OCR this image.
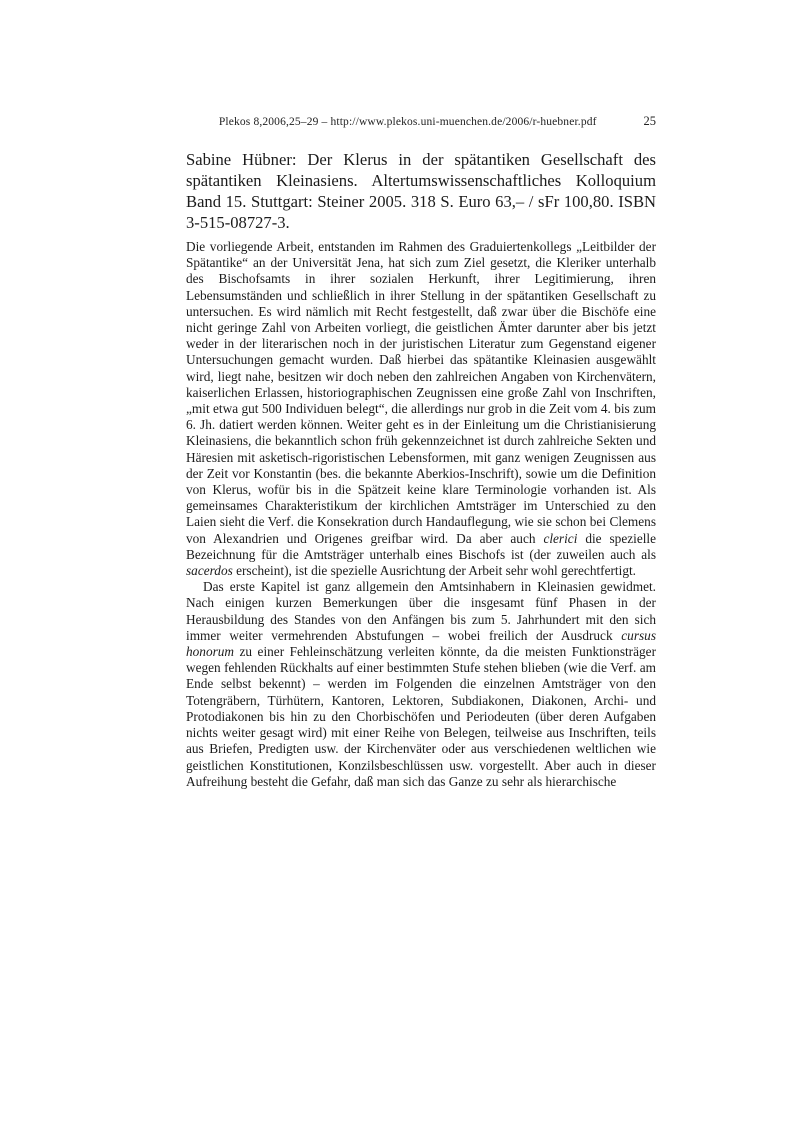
Plekos 8,2006,25–29 – http://www.plekos.uni-muenchen.de/2006/r-huebner.pdf	25
Sabine Hübner: Der Klerus in der spätantiken Gesellschaft des spätantiken Kleinasiens. Altertumswissenschaftliches Kolloquium Band 15. Stuttgart: Steiner 2005. 318 S. Euro 63,– / sFr 100,80. ISBN 3-515-08727-3.

Die vorliegende Arbeit, entstanden im Rahmen des Graduiertenkollegs „Leitbilder der Spätantike“ an der Universität Jena, hat sich zum Ziel gesetzt, die Kleriker unterhalb des Bischofsamts in ihrer sozialen Herkunft, ihrer Legitimierung, ihren Lebensumständen und schließlich in ihrer Stellung in der spätantiken Gesellschaft zu untersuchen. Es wird nämlich mit Recht festgestellt, daß zwar über die Bischöfe eine nicht geringe Zahl von Arbeiten vorliegt, die geistlichen Ämter darunter aber bis jetzt weder in der literarischen noch in der juristischen Literatur zum Gegenstand eigener Untersuchungen gemacht wurden. Daß hierbei das spätantike Kleinasien ausgewählt wird, liegt nahe, besitzen wir doch neben den zahlreichen Angaben von Kirchenvätern, kaiserlichen Erlassen, historiographischen Zeugnissen eine große Zahl von Inschriften, „mit etwa gut 500 Individuen belegt“, die allerdings nur grob in die Zeit vom 4. bis zum 6. Jh. datiert werden können. Weiter geht es in der Einleitung um die Christianisierung Kleinasiens, die bekanntlich schon früh gekennzeichnet ist durch zahlreiche Sekten und Häresien mit asketisch-rigoristischen Lebensformen, mit ganz wenigen Zeugnissen aus der Zeit vor Konstantin (bes. die bekannte Aberkios-Inschrift), sowie um die Definition von Klerus, wofür bis in die Spätzeit keine klare Terminologie vorhanden ist. Als gemeinsames Charakteristikum der kirchlichen Amtsträger im Unterschied zu den Laien sieht die Verf. die Konsekration durch Handauflegung, wie sie schon bei Clemens von Alexandrien und Origenes greifbar wird. Da aber auch clerici die spezielle Bezeichnung für die Amtsträger unterhalb eines Bischofs ist (der zuweilen auch als sacerdos erscheint), ist die spezielle Ausrichtung der Arbeit sehr wohl gerechtfertigt.

Das erste Kapitel ist ganz allgemein den Amtsinhabern in Kleinasien gewidmet. Nach einigen kurzen Bemerkungen über die insgesamt fünf Phasen in der Herausbildung des Standes von den Anfängen bis zum 5. Jahrhundert mit den sich immer weiter vermehrenden Abstufungen – wobei freilich der Ausdruck cursus honorum zu einer Fehleinschätzung verleiten könnte, da die meisten Funktionsträger wegen fehlenden Rückhalts auf einer bestimmten Stufe stehen blieben (wie die Verf. am Ende selbst bekennt) – werden im Folgenden die einzelnen Amtsträger von den Totengräbern, Türhütern, Kantoren, Lektoren, Subdiakonen, Diakonen, Archi- und Protodiakonen bis hin zu den Chorbischöfen und Periodeuten (über deren Aufgaben nichts weiter gesagt wird) mit einer Reihe von Belegen, teilweise aus Inschriften, teils aus Briefen, Predigten usw. der Kirchenväter oder aus verschiedenen weltlichen wie geistlichen Konstitutionen, Konzilsbeschlüssen usw. vorgestellt. Aber auch in dieser Aufreihung besteht die Gefahr, daß man sich das Ganze zu sehr als hierarchische
